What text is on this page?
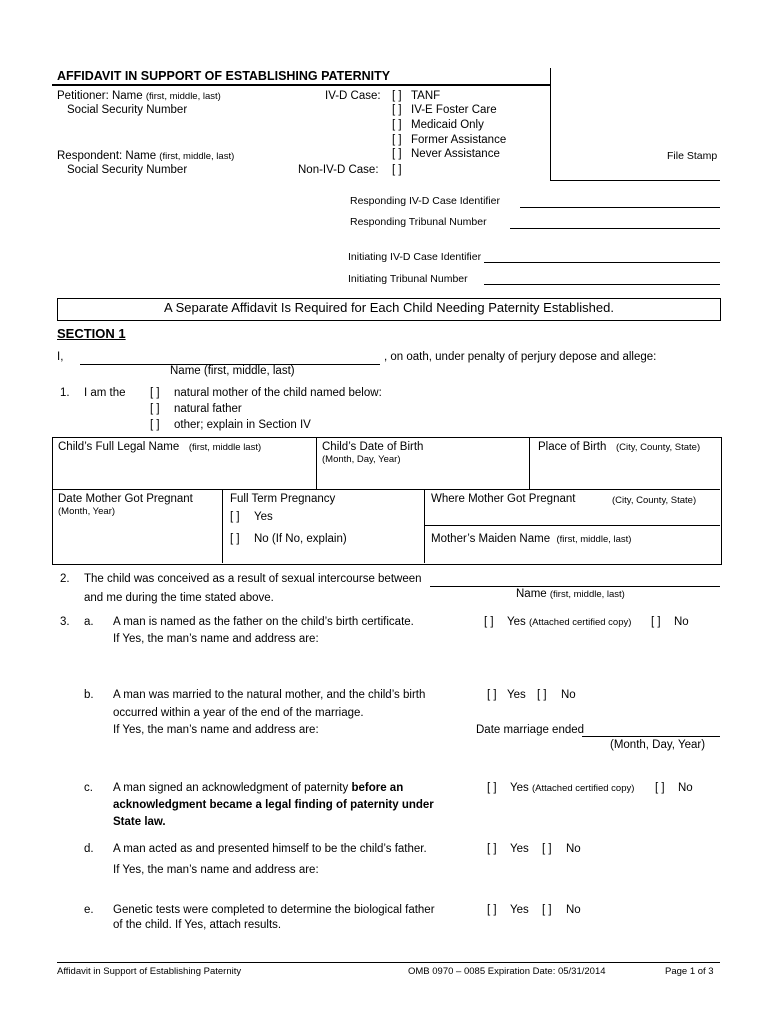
AFFIDAVIT IN SUPPORT OF ESTABLISHING PATERNITY
File Stamp
Petitioner: Name (first, middle, last)
Social Security Number
Respondent: Name (first, middle, last)
Social Security Number
IV-D Case:
Non-IV-D Case: [ ]
[ ] TANF
[ ] IV-E Foster Care
[ ] Medicaid Only
[ ] Former Assistance
[ ] Never Assistance
Responding IV-D Case Identifier
Responding Tribunal Number
Initiating IV-D Case Identifier
Initiating Tribunal Number
A Separate Affidavit Is Required for Each Child Needing Paternity Established.
SECTION 1
I,	, on oath, under penalty of perjury depose and allege:
Name (first, middle, last)
1. I am the [ ] natural mother of the child named below:
[ ] natural father
[ ] other; explain in Section IV
Child’s Full Legal Name (first, middle last)	Child’s Date of Birth
(Month, Day, Year)
Place of Birth (City, County, State)
Date Mother Got Pregnant
(Month, Year)
Full Term Pregnancy
[ ] Yes
[ ] No (If No, explain)
Where Mother Got Pregnant	(City, County, State)
Mother’s Maiden Name (first, middle, last)
2. The child was conceived as a result of sexual intercourse between
and me during the time stated above.	Name (first, middle, last)
3. a. A man is named as the father on the child’s birth certificate.
If Yes, the man’s name and address are:
[ ] Yes (Attached certified copy) [ ] No
b. A man was married to the natural mother, and the child’s birth
occurred within a year of the end of the marriage.
If Yes, the man’s name and address are:
[ ] Yes [ ] No
Date marriage ended
(Month, Day, Year)
c. A man signed an acknowledgment of paternity before an
acknowledgment became a legal finding of paternity under
State law.
[ ] Yes (Attached certified copy) [ ] No
d. A man acted as and presented himself to be the child’s father.
If Yes, the man’s name and address are:
[ ] Yes [ ] No
e. Genetic tests were completed to determine the biological father
of the child. If Yes, attach results.
[ ] Yes [ ] No
Affidavit in Support of Establishing Paternity	OMB 0970 – 0085 Expiration Date: 05/31/2014	Page 1 of 3
